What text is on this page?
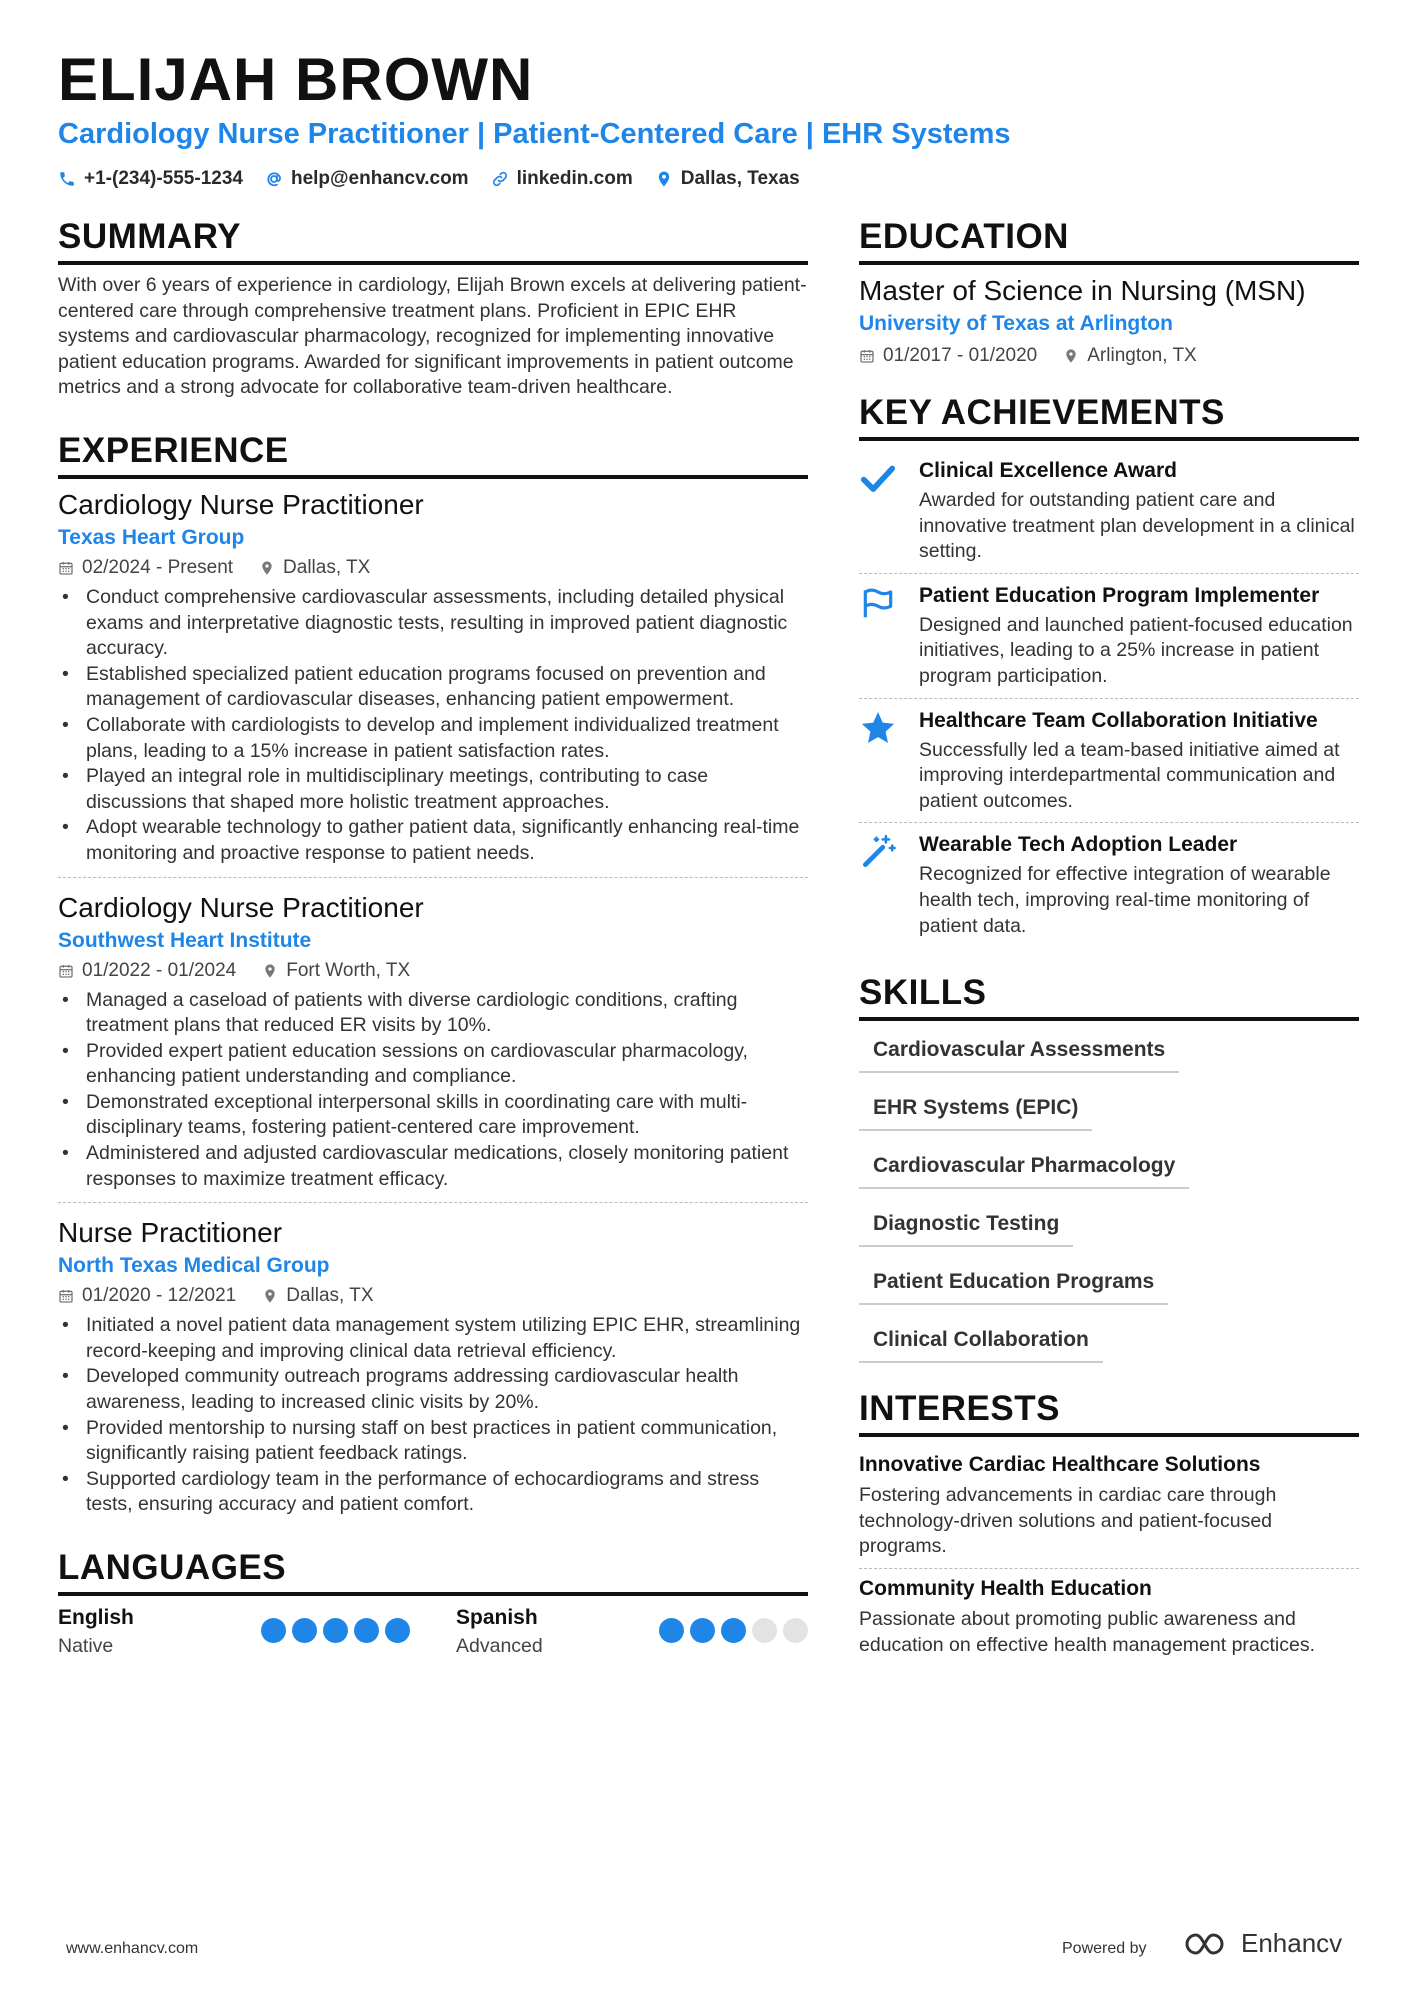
ELIJAH BROWN
Cardiology Nurse Practitioner | Patient-Centered Care | EHR Systems
+1-(234)-555-1234	help@enhancv.com	linkedin.com	Dallas, Texas
SUMMARY

With over 6 years of experience in cardiology, Elijah Brown excels at delivering patient-centered care through comprehensive treatment plans. Proficient in EPIC EHR systems and cardiovascular pharmacology, recognized for implementing innovative patient education programs. Awarded for significant improvements in patient outcome metrics and a strong advocate for collaborative team-driven healthcare.

EXPERIENCE
Cardiology Nurse Practitioner
Texas Heart Group
02/2024 - Present	Dallas, TX
• Conduct comprehensive cardiovascular assessments, including detailed physical exams and interpretative diagnostic tests, resulting in improved patient diagnostic accuracy.
• Established specialized patient education programs focused on prevention and management of cardiovascular diseases, enhancing patient empowerment.
• Collaborate with cardiologists to develop and implement individualized treatment plans, leading to a 15% increase in patient satisfaction rates.
• Played an integral role in multidisciplinary meetings, contributing to case discussions that shaped more holistic treatment approaches.
• Adopt wearable technology to gather patient data, significantly enhancing real-time monitoring and proactive response to patient needs.
Cardiology Nurse Practitioner
Southwest Heart Institute
01/2022 - 01/2024	Fort Worth, TX
• Managed a caseload of patients with diverse cardiologic conditions, crafting treatment plans that reduced ER visits by 10%.
• Provided expert patient education sessions on cardiovascular pharmacology, enhancing patient understanding and compliance.
• Demonstrated exceptional interpersonal skills in coordinating care with multi-disciplinary teams, fostering patient-centered care improvement.
• Administered and adjusted cardiovascular medications, closely monitoring patient responses to maximize treatment efficacy.
Nurse Practitioner
North Texas Medical Group
01/2020 - 12/2021	Dallas, TX
• Initiated a novel patient data management system utilizing EPIC EHR, streamlining record-keeping and improving clinical data retrieval efficiency.
• Developed community outreach programs addressing cardiovascular health awareness, leading to increased clinic visits by 20%.
• Provided mentorship to nursing staff on best practices in patient communication, significantly raising patient feedback ratings.
• Supported cardiology team in the performance of echocardiograms and stress tests, ensuring accuracy and patient comfort.
LANGUAGES
English
Native
Spanish
Advanced
EDUCATION
Master of Science in Nursing (MSN)
University of Texas at Arlington
01/2017 - 01/2020	Arlington, TX
KEY ACHIEVEMENTS
Clinical Excellence Award
Awarded for outstanding patient care and innovative treatment plan development in a clinical setting.
Patient Education Program Implementer
Designed and launched patient-focused education initiatives, leading to a 25% increase in patient program participation.
Healthcare Team Collaboration Initiative
Successfully led a team-based initiative aimed at improving interdepartmental communication and patient outcomes.
Wearable Tech Adoption Leader
Recognized for effective integration of wearable health tech, improving real-time monitoring of patient data.
SKILLS
Cardiovascular Assessments
EHR Systems (EPIC)
Cardiovascular Pharmacology
Diagnostic Testing
Patient Education Programs
Clinical Collaboration
INTERESTS
Innovative Cardiac Healthcare Solutions
Fostering advancements in cardiac care through technology-driven solutions and patient-focused programs.
Community Health Education
Passionate about promoting public awareness and education on effective health management practices.
www.enhancv.com	Powered by	Enhancv
